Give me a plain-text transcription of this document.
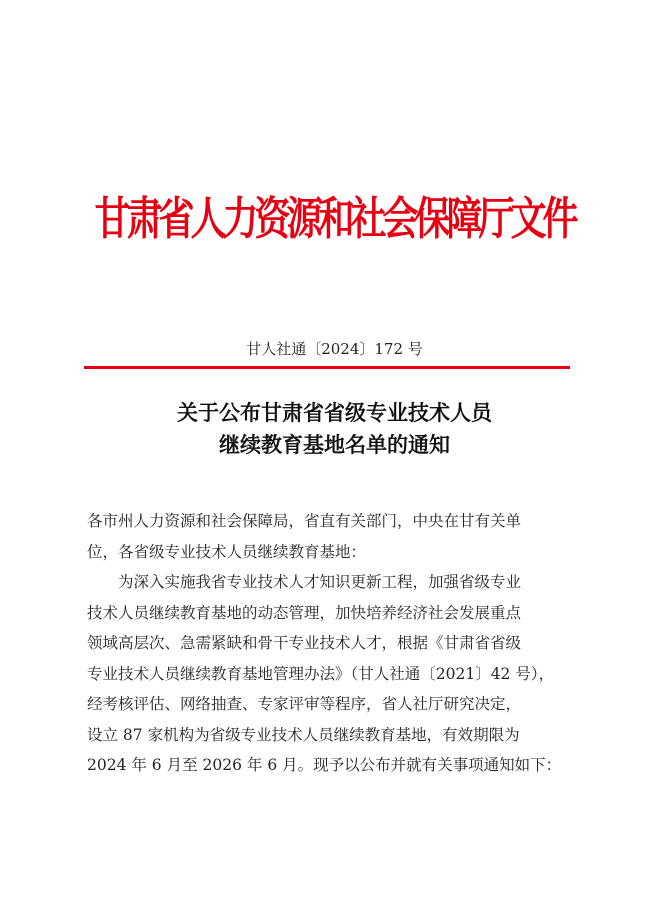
甘肃省人力资源和社会保障厅文件
甘人社通〔2024〕172 号
关于公布甘肃省省级专业技术人员
继续教育基地名单的通知
各市州人力资源和社会保障局，省直有关部门，中央在甘有关单
位，各省级专业技术人员继续教育基地：
为深入实施我省专业技术人才知识更新工程，加强省级专业
技术人员继续教育基地的动态管理，加快培养经济社会发展重点
领域高层次、急需紧缺和骨干专业技术人才，根据《甘肃省省级
专业技术人员继续教育基地管理办法》（甘人社通〔2021〕42 号），
经考核评估、网络抽查、专家评审等程序，省人社厅研究决定，
设立 87 家机构为省级专业技术人员继续教育基地，有效期限为
2024 年 6 月至 2026 年 6 月。现予以公布并就有关事项通知如下：
